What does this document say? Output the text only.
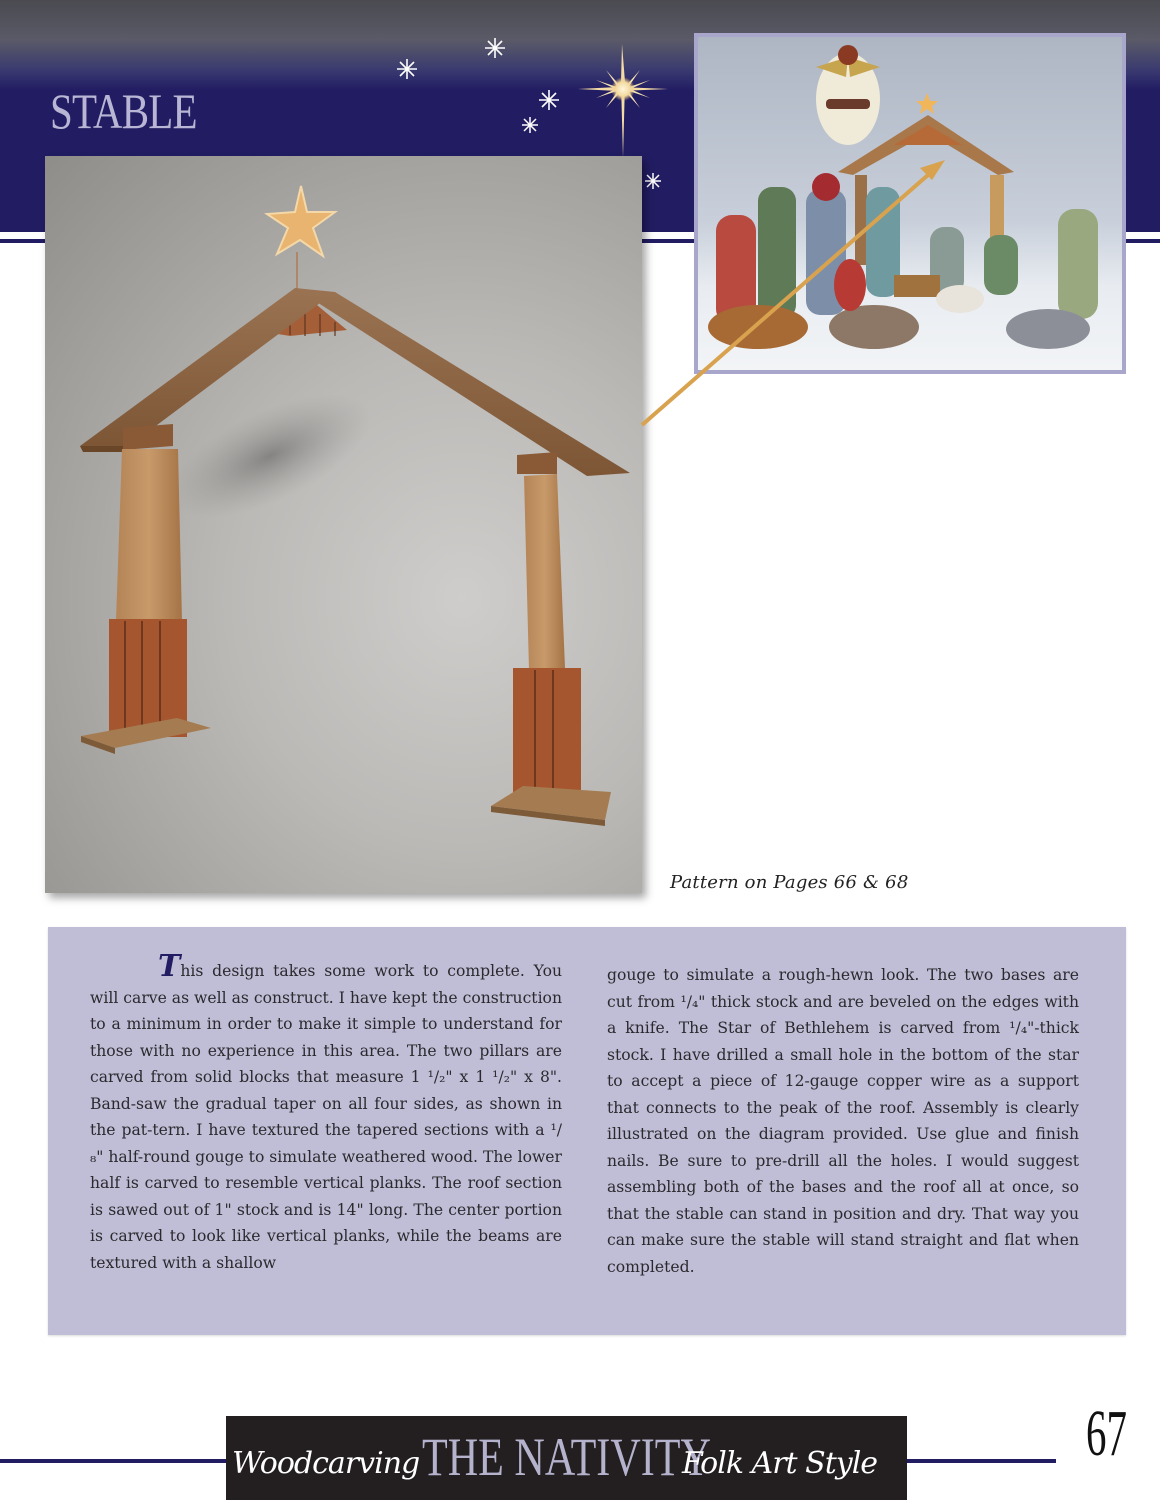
STABLE
Pattern on Pages 66 & 68

This design takes some work to complete. You will carve as well as construct. I have kept the construction to a minimum in order to make it simple to understand for those with no experience in this area. The two pillars are carved from solid blocks that measure 1 ¹/₂" x 1 ¹/₂" x 8". Band-saw the gradual taper on all four sides, as shown in the pat-tern. I have textured the tapered sections with a ¹/₈" half-round gouge to simulate weathered wood. The lower half is carved to resemble vertical planks. The roof section is sawed out of 1" stock and is 14" long. The center portion is carved to look like vertical planks, while the beams are textured with a shallow

gouge to simulate a rough-hewn look. The two bases are cut from ¹/₄" thick stock and are beveled on the edges with a knife. The Star of Bethlehem is carved from ¹/₄"-thick stock. I have drilled a small hole in the bottom of the star to accept a piece of 12-gauge copper wire as a support that connects to the peak of the roof. Assembly is clearly illustrated on the diagram provided. Use glue and finish nails. Be sure to pre-drill all the holes. I would suggest assembling both of the bases and the roof all at once, so that the stable can stand in position and dry. That way you can make sure the stable will stand straight and flat when completed.

Woodcarving THE NATIVITY
Folk Art Style	67
